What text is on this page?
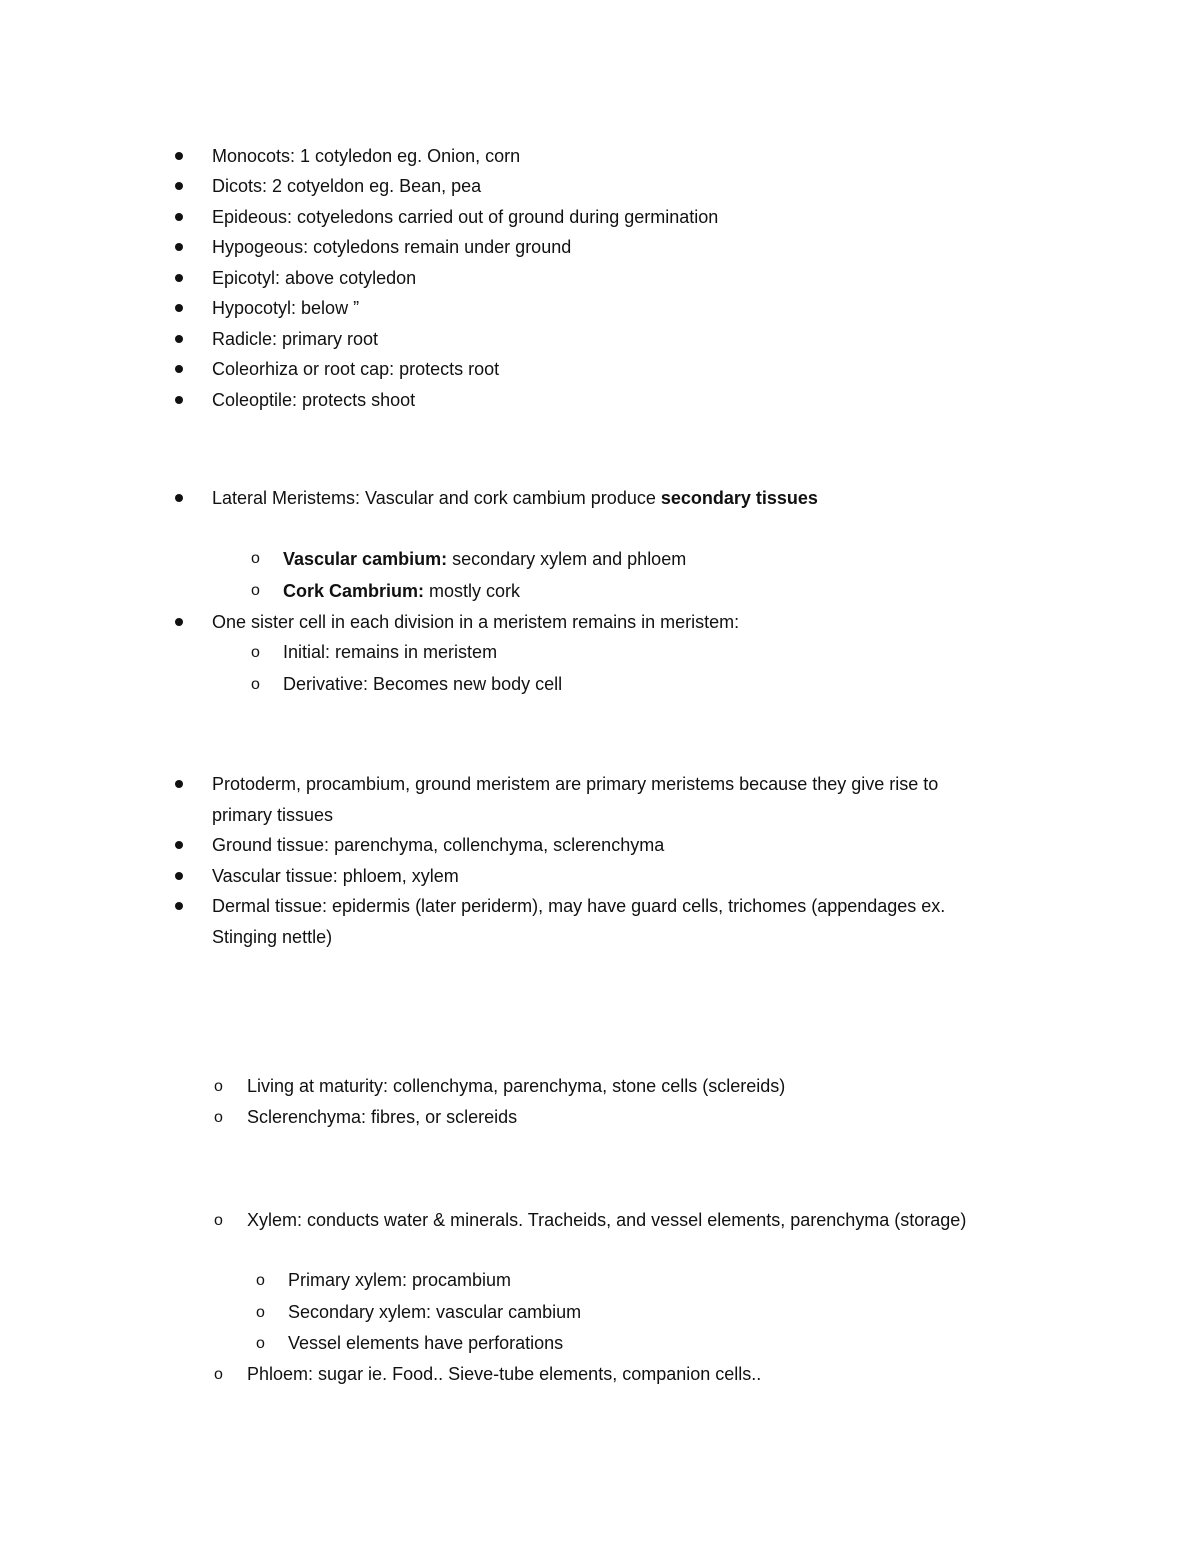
Monocots: 1 cotyledon eg. Onion, corn
Dicots: 2 cotyeldon eg. Bean, pea
Epideous: cotyeledons carried out of ground during germination
Hypogeous: cotyledons remain under ground
Epicotyl: above cotyledon
Hypocotyl: below ”
Radicle: primary root
Coleorhiza or root cap: protects root
Coleoptile: protects shoot
Lateral Meristems: Vascular and cork cambium produce secondary tissues
o Vascular cambium: secondary xylem and phloem
o Cork Cambrium: mostly cork
One sister cell in each division in a meristem remains in meristem:
o Initial: remains in meristem
o Derivative: Becomes new body cell
Protoderm, procambium, ground meristem are primary meristems because they give rise to
primary tissues
Ground tissue: parenchyma, collenchyma, sclerenchyma
Vascular tissue: phloem, xylem
Dermal tissue: epidermis (later periderm), may have guard cells, trichomes (appendages ex.
Stinging nettle)
o Living at maturity: collenchyma, parenchyma, stone cells (sclereids)
o Sclerenchyma: fibres, or sclereids
o Xylem: conducts water & minerals. Tracheids, and vessel elements, parenchyma (storage)
o Primary xylem: procambium
o Secondary xylem: vascular cambium
o Vessel elements have perforations
o Phloem: sugar ie. Food.. Sieve-tube elements, companion cells..
